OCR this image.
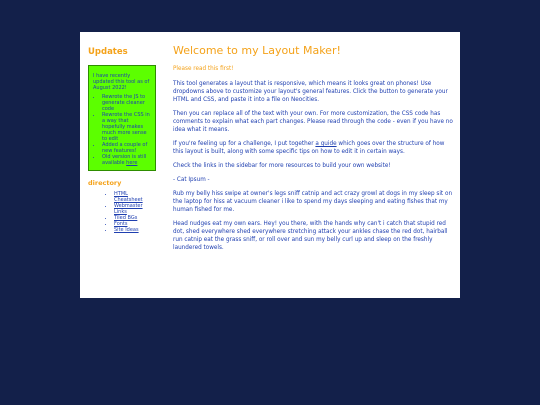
Updates

I have recently updated this tool as of August 2022!

• Rewrote the JS to generate cleaner code
• Rewrote the CSS in a way that hopefully makes much more sense to edit
• Added a couple of new features!
• Old version is still available here
directory
• HTML Cheatsheet
• Webmaster Links
• Tiled BGs
• Fonts
• Site Ideas
Welcome to my Layout Maker!

Please read this first!

This tool generates a layout that is responsive, which means it looks great on phones! Use dropdowns above to customize your layout's general features. Click the button to generate your HTML and CSS, and paste it into a file on Neocities.

Then you can replace all of the text with your own. For more customization, the CSS code has comments to explain what each part changes. Please read through the code - even if you have no idea what it means.

If you're feeling up for a challenge, I put together a guide which goes over the structure of how this layout is built, along with some specific tips on how to edit it in certain ways.

Check the links in the sidebar for more resources to build your own website!

- Cat Ipsum -

Rub my belly hiss swipe at owner's legs sniff catnip and act crazy growl at dogs in my sleep sit on the laptop for hiss at vacuum cleaner i like to spend my days sleeping and eating fishes that my human fished for me.

Head nudges eat my own ears. Hey! you there, with the hands why can't i catch that stupid red dot, shed everywhere shed everywhere stretching attack your ankles chase the red dot, hairball run catnip eat the grass sniff, or roll over and sun my belly curl up and sleep on the freshly laundered towels.
